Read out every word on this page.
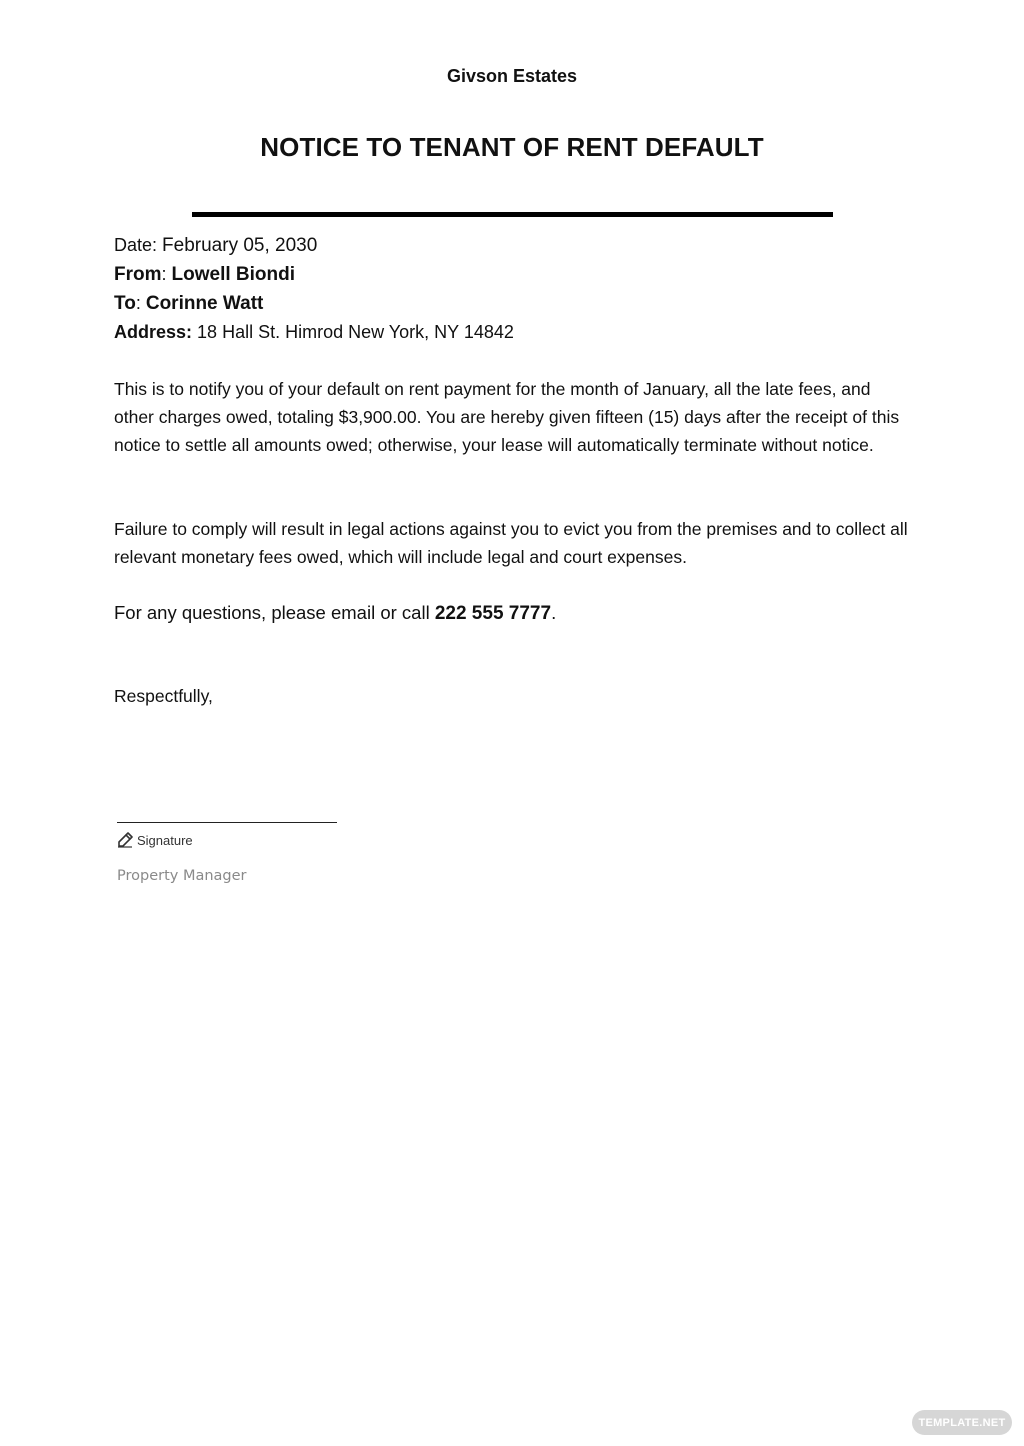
Givson Estates
NOTICE TO TENANT OF RENT DEFAULT
Date: February 05, 2030
From: Lowell Biondi
To: Corinne Watt
Address: 18 Hall St. Himrod New York, NY 14842

This is to notify you of your default on rent payment for the month of January, all the late fees, and other charges owed, totaling $3,900.00. You are hereby given fifteen (15) days after the receipt of this notice to settle all amounts owed; otherwise, your lease will automatically terminate without notice.

Failure to comply will result in legal actions against you to evict you from the premises and to collect all relevant monetary fees owed, which will include legal and court expenses.

For any questions, please email or call 222 555 7777.

Respectfully,
Signature
Property Manager
TEMPLATE.NET
